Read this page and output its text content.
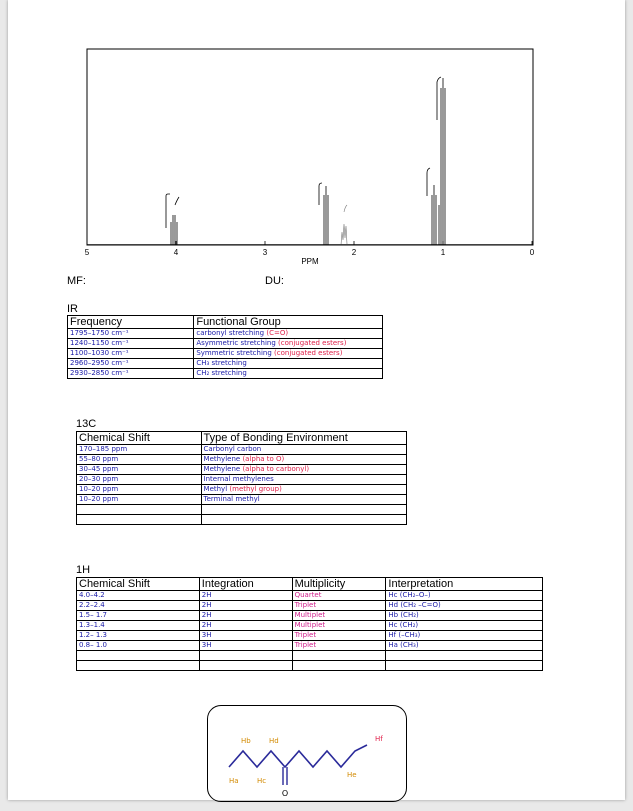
5	4	3	2	1	0
PPM
MF:	DU:
IR
Frequency	Functional Group
1795–1750 cm⁻¹	carbonyl stretching (C=O)
1240–1150 cm⁻¹	Asymmetric stretching (conjugated esters)
1100–1030 cm⁻¹	Symmetric stretching (conjugated esters)
2960–2950 cm⁻¹	CH₃ stretching
2930–2850 cm⁻¹	CH₂ stretching
13C
Chemical Shift	Type of Bonding Environment
170–185 ppm	Carbonyl carbon
55–80 ppm	Methylene (alpha to O)
30–45 ppm	Methylene (alpha to carbonyl)
20–30 ppm	Internal methylenes
10–20 ppm	Methyl (methyl group)
10–20 ppm	Terminal methyl

1H
Chemical Shift	Integration	Multiplicity	Interpretation
4.0–4.2	2H	Quartet	Hc (CH₂–O–)
2.2–2.4	2H	Triplet	Hd (CH₂ –C=O)
1.5– 1.7	2H	Multiplet	Hb (CH₂)
1.3–1.4	2H	Multiplet	Hc (CH₂)
1.2– 1.3	3H	Triplet	Hf (–CH₃)
0.8– 1.0	3H	Triplet	Ha (CH₃)

O
Ha
Hb
Hc
Hd
He
Hf
